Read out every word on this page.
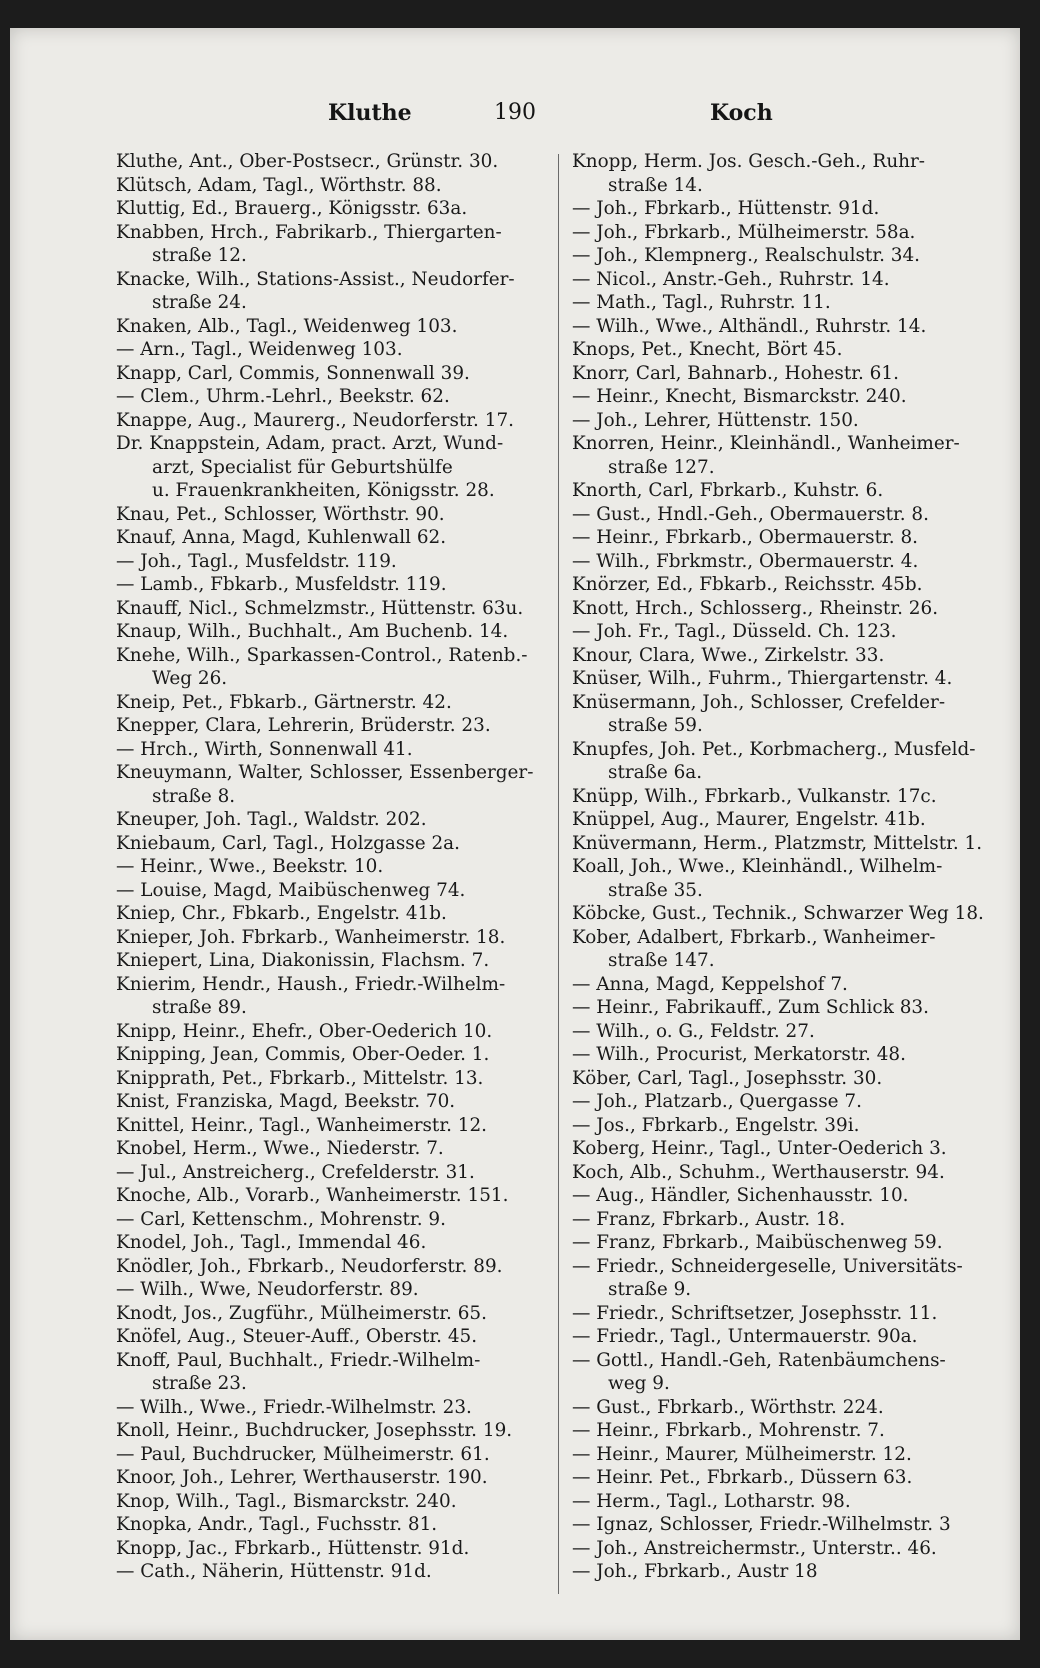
Kluthe	190	Koch
Kluthe, Ant., Ober-Postsecr., Grünstr. 30.
Klütsch, Adam, Tagl., Wörthstr. 88.
Kluttig, Ed., Brauerg., Königsstr. 63a.
Knabben, Hrch., Fabrikarb., Thiergarten-
straße 12.
Knacke, Wilh., Stations-Assist., Neudorfer-
straße 24.
Knaken, Alb., Tagl., Weidenweg 103.
— Arn., Tagl., Weidenweg 103.
Knapp, Carl, Commis, Sonnenwall 39.
— Clem., Uhrm.-Lehrl., Beekstr. 62.
Knappe, Aug., Maurerg., Neudorferstr. 17.
Dr. Knappstein, Adam, pract. Arzt, Wund-
arzt, Specialist für Geburtshülfe
u. Frauenkrankheiten, Königsstr. 28.
Knau, Pet., Schlosser, Wörthstr. 90.
Knauf, Anna, Magd, Kuhlenwall 62.
— Joh., Tagl., Musfeldstr. 119.
— Lamb., Fbkarb., Musfeldstr. 119.
Knauff, Nicl., Schmelzmstr., Hüttenstr. 63u.
Knaup, Wilh., Buchhalt., Am Buchenb. 14.
Knehe, Wilh., Sparkassen-Control., Ratenb.-
Weg 26.
Kneip, Pet., Fbkarb., Gärtnerstr. 42.
Knepper, Clara, Lehrerin, Brüderstr. 23.
— Hrch., Wirth, Sonnenwall 41.
Kneuymann, Walter, Schlosser, Essenberger-
straße 8.
Kneuper, Joh. Tagl., Waldstr. 202.
Kniebaum, Carl, Tagl., Holzgasse 2a.
— Heinr., Wwe., Beekstr. 10.
— Louise, Magd, Maibüschenweg 74.
Kniep, Chr., Fbkarb., Engelstr. 41b.
Knieper, Joh. Fbrkarb., Wanheimerstr. 18.
Kniepert, Lina, Diakonissin, Flachsm. 7.
Knierim, Hendr., Haush., Friedr.-Wilhelm-
straße 89.
Knipp, Heinr., Ehefr., Ober-Oederich 10.
Knipping, Jean, Commis, Ober-Oeder. 1.
Knipprath, Pet., Fbrkarb., Mittelstr. 13.
Knist, Franziska, Magd, Beekstr. 70.
Knittel, Heinr., Tagl., Wanheimerstr. 12.
Knobel, Herm., Wwe., Niederstr. 7.
— Jul., Anstreicherg., Crefelderstr. 31.
Knoche, Alb., Vorarb., Wanheimerstr. 151.
— Carl, Kettenschm., Mohrenstr. 9.
Knodel, Joh., Tagl., Immendal 46.
Knödler, Joh., Fbrkarb., Neudorferstr. 89.
— Wilh., Wwe, Neudorferstr. 89.
Knodt, Jos., Zugführ., Mülheimerstr. 65.
Knöfel, Aug., Steuer-Auff., Oberstr. 45.
Knoff, Paul, Buchhalt., Friedr.-Wilhelm-
straße 23.
— Wilh., Wwe., Friedr.-Wilhelmstr. 23.
Knoll, Heinr., Buchdrucker, Josephsstr. 19.
— Paul, Buchdrucker, Mülheimerstr. 61.
Knoor, Joh., Lehrer, Werthauserstr. 190.
Knop, Wilh., Tagl., Bismarckstr. 240.
Knopka, Andr., Tagl., Fuchsstr. 81.
Knopp, Jac., Fbrkarb., Hüttenstr. 91d.
— Cath., Näherin, Hüttenstr. 91d.
Knopp, Herm. Jos. Gesch.-Geh., Ruhr-
straße 14.
— Joh., Fbrkarb., Hüttenstr. 91d.
— Joh., Fbrkarb., Mülheimerstr. 58a.
— Joh., Klempnerg., Realschulstr. 34.
— Nicol., Anstr.-Geh., Ruhrstr. 14.
— Math., Tagl., Ruhrstr. 11.
— Wilh., Wwe., Althändl., Ruhrstr. 14.
Knops, Pet., Knecht, Bört 45.
Knorr, Carl, Bahnarb., Hohestr. 61.
— Heinr., Knecht, Bismarckstr. 240.
— Joh., Lehrer, Hüttenstr. 150.
Knorren, Heinr., Kleinhändl., Wanheimer-
straße 127.
Knorth, Carl, Fbrkarb., Kuhstr. 6.
— Gust., Hndl.-Geh., Obermauerstr. 8.
— Heinr., Fbrkarb., Obermauerstr. 8.
— Wilh., Fbrkmstr., Obermauerstr. 4.
Knörzer, Ed., Fbkarb., Reichsstr. 45b.
Knott, Hrch., Schlosserg., Rheinstr. 26.
— Joh. Fr., Tagl., Düsseld. Ch. 123.
Knour, Clara, Wwe., Zirkelstr. 33.
Knüser, Wilh., Fuhrm., Thiergartenstr. 4.
Knüsermann, Joh., Schlosser, Crefelder-
straße 59.
Knupfes, Joh. Pet., Korbmacherg., Musfeld-
straße 6a.
Knüpp, Wilh., Fbrkarb., Vulkanstr. 17c.
Knüppel, Aug., Maurer, Engelstr. 41b.
Knüvermann, Herm., Platzmstr, Mittelstr. 1.
Koall, Joh., Wwe., Kleinhändl., Wilhelm-
straße 35.
Köbcke, Gust., Technik., Schwarzer Weg 18.
Kober, Adalbert, Fbrkarb., Wanheimer-
straße 147.
— Anna, Magd, Keppelshof 7.
— Heinr., Fabrikauff., Zum Schlick 83.
— Wilh., o. G., Feldstr. 27.
— Wilh., Procurist, Merkatorstr. 48.
Köber, Carl, Tagl., Josephsstr. 30.
— Joh., Platzarb., Quergasse 7.
— Jos., Fbrkarb., Engelstr. 39i.
Koberg, Heinr., Tagl., Unter-Oederich 3.
Koch, Alb., Schuhm., Werthauserstr. 94.
— Aug., Händler, Sichenhausstr. 10.
— Franz, Fbrkarb., Austr. 18.
— Franz, Fbrkarb., Maibüschenweg 59.
— Friedr., Schneidergeselle, Universitäts-
straße 9.
— Friedr., Schriftsetzer, Josephsstr. 11.
— Friedr., Tagl., Untermauerstr. 90a.
— Gottl., Handl.-Geh, Ratenbäumchens-
weg 9.
— Gust., Fbrkarb., Wörthstr. 224.
— Heinr., Fbrkarb., Mohrenstr. 7.
— Heinr., Maurer, Mülheimerstr. 12.
— Heinr. Pet., Fbrkarb., Düssern 63.
— Herm., Tagl., Lotharstr. 98.
— Ignaz, Schlosser, Friedr.-Wilhelmstr. 3
— Joh., Anstreichermstr., Unterstr.. 46.
— Joh., Fbrkarb., Austr 18
